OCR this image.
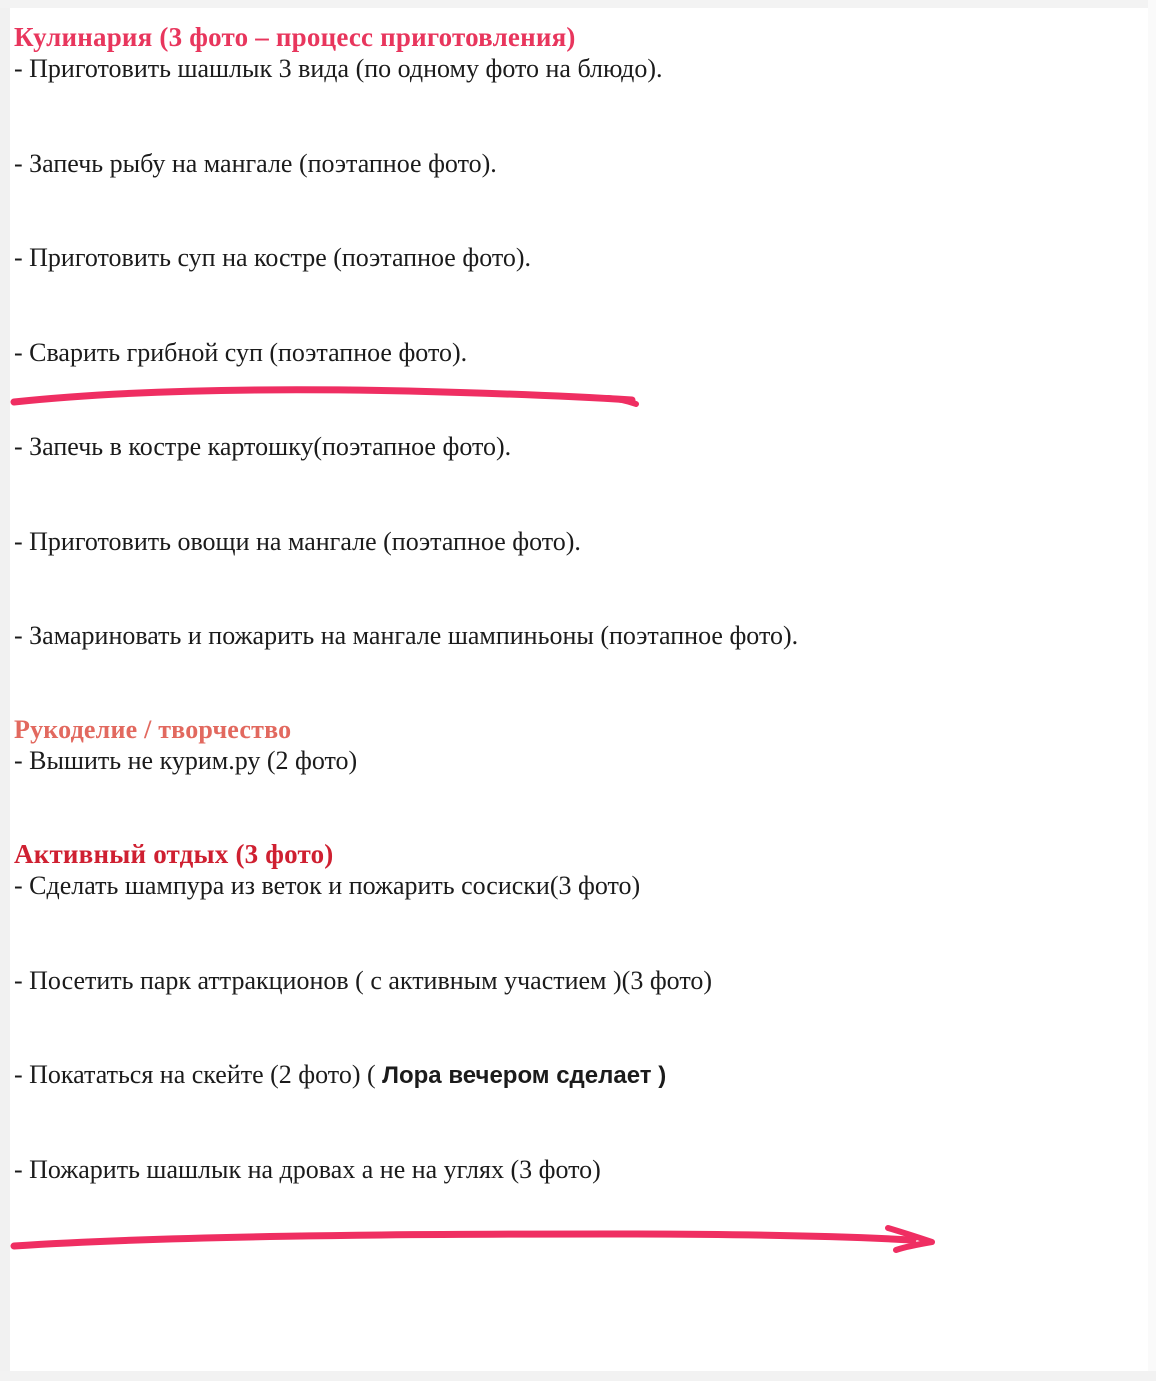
Кулинария (3 фото – процесс приготовления)

- Приготовить шашлык 3 вида (по одному фото на блюдо).

- Запечь рыбу на мангале (поэтапное фото).

- Приготовить суп на костре (поэтапное фото).

- Сварить грибной суп (поэтапное фото).

- Запечь в костре картошку(поэтапное фото).

- Приготовить овощи на мангале (поэтапное фото).

- Замариновать и пожарить на мангале шампиньоны (поэтапное фото).

Рукоделие / творчество

- Вышить не курим.ру (2 фото)

Активный отдых (3 фото)

- Сделать шампура из веток и пожарить сосиски(3 фото)

- Посетить парк аттракционов ( с активным участием )(3 фото)

- Покататься на скейте (2 фото) ( Лора вечером сделает )

- Пожарить шашлык на дровах а не на углях (3 фото)
